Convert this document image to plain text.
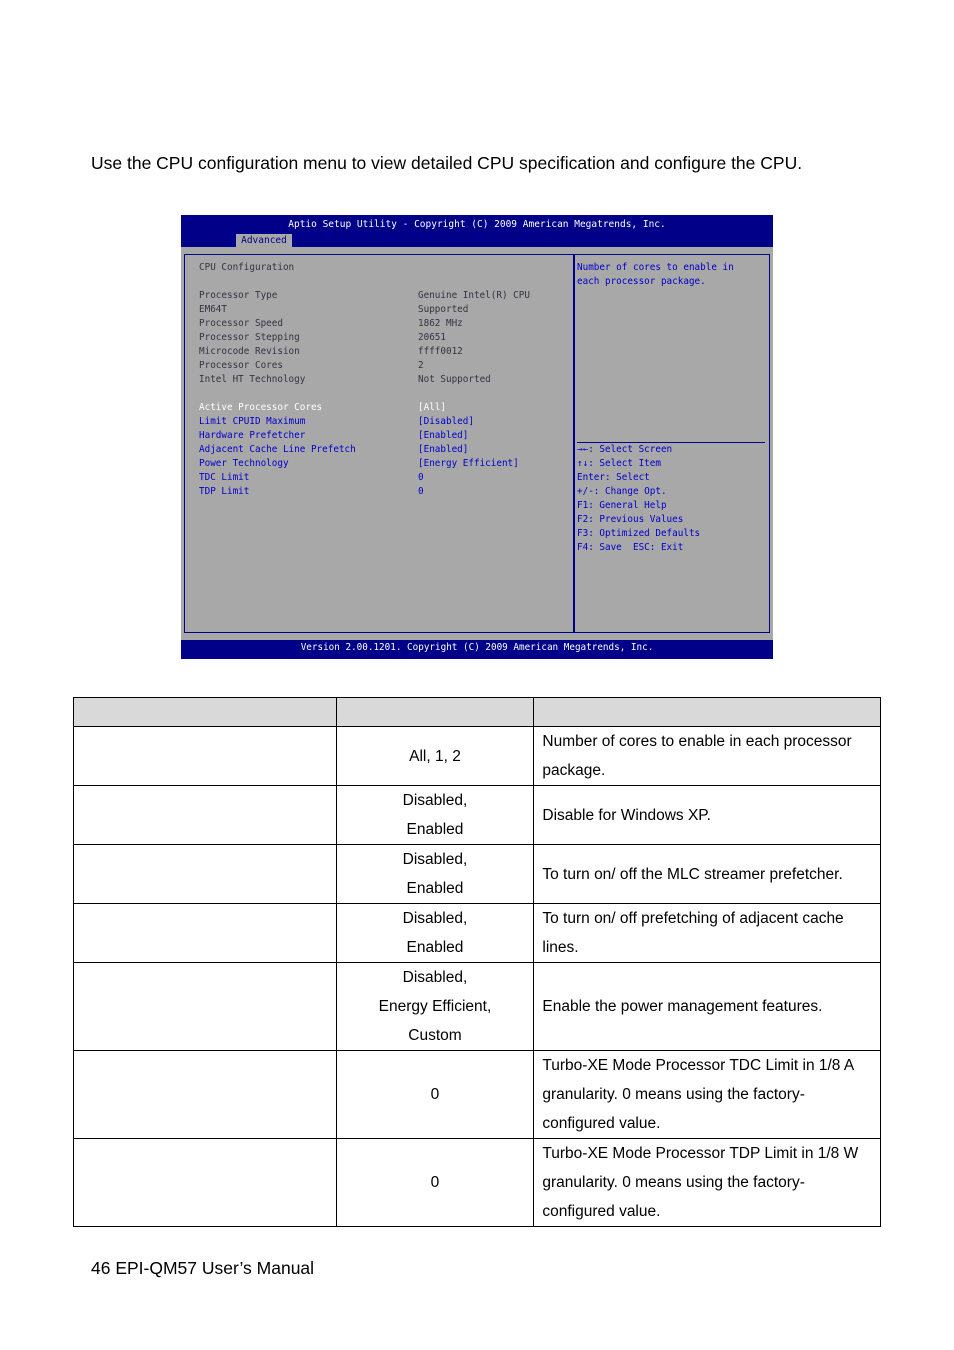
Use the CPU configuration menu to view detailed CPU specification and configure the CPU.
Aptio Setup Utility - Copyright (C) 2009 American Megatrends, Inc.
Advanced
CPU Configuration
Processor Type	Genuine Intel(R) CPU
EM64T	Supported
Processor Speed	1862 MHz
Processor Stepping	20651
Microcode Revision	ffff0012
Processor Cores	2
Intel HT Technology	Not Supported
Active Processor Cores	[All]
Limit CPUID Maximum	[Disabled]
Hardware Prefetcher	[Enabled]
Adjacent Cache Line Prefetch	[Enabled]
Power Technology	[Energy Efficient]
TDC Limit	0
TDP Limit	0
Number of cores to enable in
each processor package.
→←: Select Screen
↑↓: Select Item
Enter: Select
+/-: Change Opt.
F1: General Help
F2: Previous Values
F3: Optimized Defaults
F4: Save  ESC: Exit
Version 2.00.1201. Copyright (C) 2009 American Megatrends, Inc.

	All, 1, 2	Number of cores to enable in each processor package.

	Disabled,
Enabled	Disable for Windows XP.

	Disabled,
Enabled	To turn on/ off the MLC streamer prefetcher.

	Disabled,
Enabled	To turn on/ off prefetching of adjacent cache lines.

	Disabled,
Energy Efficient,
Custom	Enable the power management features.

	0	Turbo-XE Mode Processor TDC Limit in 1/8 A granularity. 0 means using the factory-configured value.

	0	Turbo-XE Mode Processor TDP Limit in 1/8 W granularity. 0 means using the factory-configured value.
46 EPI-QM57 User’s Manual
